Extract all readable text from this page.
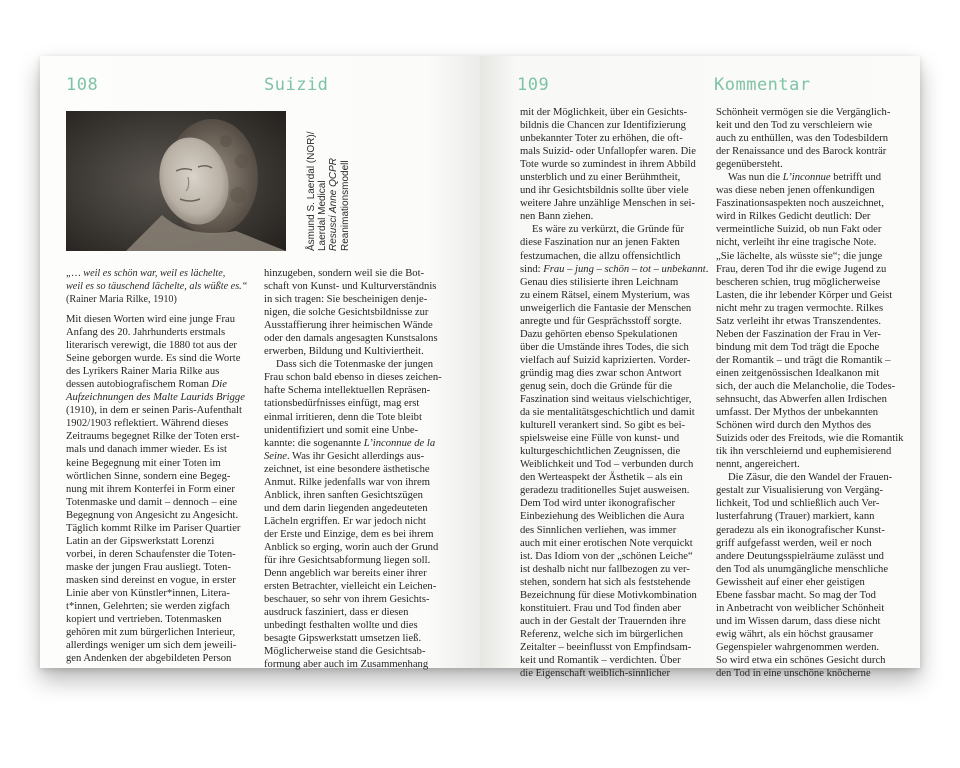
108	Suizid
Åsmund S. Laerdal (NOR)/ Laerdal Medical Resusci Anne QCPR Reanimationsmodell
„… weil es schön war, weil es lächelte,
weil es so täuschend lächelte, als wüßte es.“
(Rainer Maria Rilke, 1910)
Mit diesen Worten wird eine junge Frau
Anfang des 20. Jahrhunderts erstmals
literarisch verewigt, die 1880 tot aus der
Seine geborgen wurde. Es sind die Worte
des Lyrikers Rainer Maria Rilke aus
dessen autobiografischem Roman Die
Aufzeichnungen des Malte Laurids Brigge
(1910), in dem er seinen Paris-Aufenthalt
1902/1903 reflektiert. Während dieses
Zeitraums begegnet Rilke der Toten erst-
mals und danach immer wieder. Es ist
keine Begegnung mit einer Toten im
wörtlichen Sinne, sondern eine Begeg-
nung mit ihrem Konterfei in Form einer
Totenmaske und damit – dennoch – eine
Begegnung von Angesicht zu Angesicht.
Täglich kommt Rilke im Pariser Quartier
Latin an der Gipswerkstatt Lorenzi
vorbei, in deren Schaufenster die Toten-
maske der jungen Frau ausliegt. Toten-
masken sind dereinst en vogue, in erster
Linie aber von Künstler*innen, Litera-
t*innen, Gelehrten; sie werden zigfach
kopiert und vertrieben. Totenmasken
gehören mit zum bürgerlichen Interieur,
allerdings weniger um sich dem jeweili-
gen Andenken der abgebildeten Person
hinzugeben, sondern weil sie die Bot-
schaft von Kunst- und Kulturverständnis
in sich tragen: Sie bescheinigen denje-
nigen, die solche Gesichtsbildnisse zur
Ausstaffierung ihrer heimischen Wände
oder den damals angesagten Kunstsalons
erwerben, Bildung und Kultiviertheit.
Dass sich die Totenmaske der jungen
Frau schon bald ebenso in dieses zeichen-
hafte Schema intellektuellen Repräsen-
tationsbedürfnisses einfügt, mag erst
einmal irritieren, denn die Tote bleibt
unidentifiziert und somit eine Unbe-
kannte: die sogenannte L’inconnue de la
Seine. Was ihr Gesicht allerdings aus-
zeichnet, ist eine besondere ästhetische
Anmut. Rilke jedenfalls war von ihrem
Anblick, ihren sanften Gesichtszügen
und dem darin liegenden angedeuteten
Lächeln ergriffen. Er war jedoch nicht
der Erste und Einzige, dem es bei ihrem
Anblick so erging, worin auch der Grund
für ihre Gesichtsabformung liegen soll.
Denn angeblich war bereits einer ihrer
ersten Betrachter, vielleicht ein Leichen-
beschauer, so sehr von ihrem Gesichts-
ausdruck fasziniert, dass er diesen
unbedingt festhalten wollte und dies
besagte Gipswerkstatt umsetzen ließ.
Möglicherweise stand die Gesichtsab-
formung aber auch im Zusammenhang
109	Kommentar
mit der Möglichkeit, über ein Gesichts-
bildnis die Chancen zur Identifizierung
unbekannter Toter zu erhöhen, die oft-
mals Suizid- oder Unfallopfer waren. Die
Tote wurde so zumindest in ihrem Abbild
unsterblich und zu einer Berühmtheit,
und ihr Gesichtsbildnis sollte über viele
weitere Jahre unzählige Menschen in sei-
nen Bann ziehen.
Es wäre zu verkürzt, die Gründe für
diese Faszination nur an jenen Fakten
festzumachen, die allzu offensichtlich
sind: Frau – jung – schön – tot – unbekannt.
Genau dies stilisierte ihren Leichnam
zu einem Rätsel, einem Mysterium, was
unweigerlich die Fantasie der Menschen
anregte und für Gesprächsstoff sorgte.
Dazu gehörten ebenso Spekulationen
über die Umstände ihres Todes, die sich
vielfach auf Suizid kaprizierten. Vorder-
gründig mag dies zwar schon Antwort
genug sein, doch die Gründe für die
Faszination sind weitaus vielschichtiger,
da sie mentalitätsgeschichtlich und damit
kulturell verankert sind. So gibt es bei-
spielsweise eine Fülle von kunst- und
kulturgeschichtlichen Zeugnissen, die
Weiblichkeit und Tod – verbunden durch
den Werteaspekt der Ästhetik – als ein
geradezu traditionelles Sujet ausweisen.
Dem Tod wird unter ikonografischer
Einbeziehung des Weiblichen die Aura
des Sinnlichen verliehen, was immer
auch mit einer erotischen Note verquickt
ist. Das Idiom von der „schönen Leiche“
ist deshalb nicht nur fallbezogen zu ver-
stehen, sondern hat sich als feststehende
Bezeichnung für diese Motivkombination
konstituiert. Frau und Tod finden aber
auch in der Gestalt der Trauernden ihre
Referenz, welche sich im bürgerlichen
Zeitalter – beeinflusst von Empfindsam-
keit und Romantik – verdichten. Über
die Eigenschaft weiblich-sinnlicher
Schönheit vermögen sie die Vergänglich-
keit und den Tod zu verschleiern wie
auch zu enthüllen, was den Todesbildern
der Renaissance und des Barock konträr
gegenübersteht.
Was nun die L’inconnue betrifft und
was diese neben jenen offenkundigen
Faszinationsaspekten noch auszeichnet,
wird in Rilkes Gedicht deutlich: Der
vermeintliche Suizid, ob nun Fakt oder
nicht, verleiht ihr eine tragische Note.
„Sie lächelte, als wüsste sie“; die junge
Frau, deren Tod ihr die ewige Jugend zu
bescheren schien, trug möglicherweise
Lasten, die ihr lebender Körper und Geist
nicht mehr zu tragen vermochte. Rilkes
Satz verleiht ihr etwas Transzendentes.
Neben der Faszination der Frau in Ver-
bindung mit dem Tod trägt die Epoche
der Romantik – und trägt die Romantik –
einen zeitgenössischen Idealkanon mit
sich, der auch die Melancholie, die Todes-
sehnsucht, das Abwerfen allen Irdischen
umfasst. Der Mythos der unbekannten
Schönen wird durch den Mythos des
Suizids oder des Freitods, wie die Romantik
tik ihn verschleiernd und euphemisierend
nennt, angereichert.
Die Zäsur, die den Wandel der Frauen-
gestalt zur Visualisierung von Vergäng-
lichkeit, Tod und schließlich auch Ver-
lusterfahrung (Trauer) markiert, kann
geradezu als ein ikonografischer Kunst-
griff aufgefasst werden, weil er noch
andere Deutungsspielräume zulässt und
den Tod als unumgängliche menschliche
Gewissheit auf einer eher geistigen
Ebene fassbar macht. So mag der Tod
in Anbetracht von weiblicher Schönheit
und im Wissen darum, dass diese nicht
ewig währt, als ein höchst grausamer
Gegenspieler wahrgenommen werden.
So wird etwa ein schönes Gesicht durch
den Tod in eine unschöne knöcherne
